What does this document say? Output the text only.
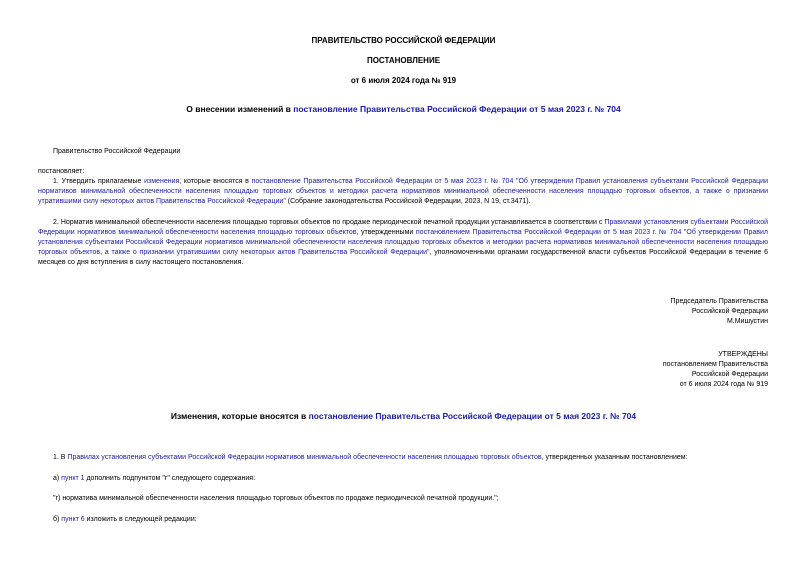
ПРАВИТЕЛЬСТВО РОССИЙСКОЙ ФЕДЕРАЦИИ
ПОСТАНОВЛЕНИЕ
от 6 июля 2024 года № 919
О внесении изменений в постановление Правительства Российской Федерации от 5 мая 2023 г. № 704
Правительство Российской Федерации
постановляет:
1. Утвердить прилагаемые изменения, которые вносятся в постановление Правительства Российской Федерации от 5 мая 2023 г. № 704 "Об утверждении Правил установления субъектами Российской Федерации нормативов минимальной обеспеченности населения площадью торговых объектов и методики расчета нормативов минимальной обеспеченности населения площадью торговых объектов, а также о признании утратившими силу некоторых актов Правительства Российской Федерации" (Собрание законодательства Российской Федерации, 2023, N 19, ст.3471).
2. Норматив минимальной обеспеченности населения площадью торговых объектов по продаже периодической печатной продукции устанавливается в соответствии с Правилами установления субъектами Российской Федерации нормативов минимальной обеспеченности населения площадью торговых объектов, утвержденными постановлением Правительства Российской Федерации от 5 мая 2023 г. № 704 "Об утверждении Правил установления субъектами Российской Федерации нормативов минимальной обеспеченности населения площадью торговых объектов и методики расчета нормативов минимальной обеспеченности населения площадью торговых объектов, а также о признании утратившими силу некоторых актов Правительства Российской Федерации", уполномоченными органами государственной власти субъектов Российской Федерации в течение 6 месяцев со дня вступления в силу настоящего постановления.
Председатель Правительства
Российской Федерации
М.Мишустин
УТВЕРЖДЕНЫ
постановлением Правительства
Российской Федерации
от 6 июля 2024 года № 919
Изменения, которые вносятся в постановление Правительства Российской Федерации от 5 мая 2023 г. № 704
1. В Правилах установления субъектами Российской Федерации нормативов минимальной обеспеченности населения площадью торговых объектов, утвержденных указанным постановлением:
а) пункт 1 дополнить подпунктом "г" следующего содержания:
"г) норматива минимальной обеспеченности населения площадью торговых объектов по продаже периодической печатной продукции.";
б) пункт 6 изложить в следующей редакции:
